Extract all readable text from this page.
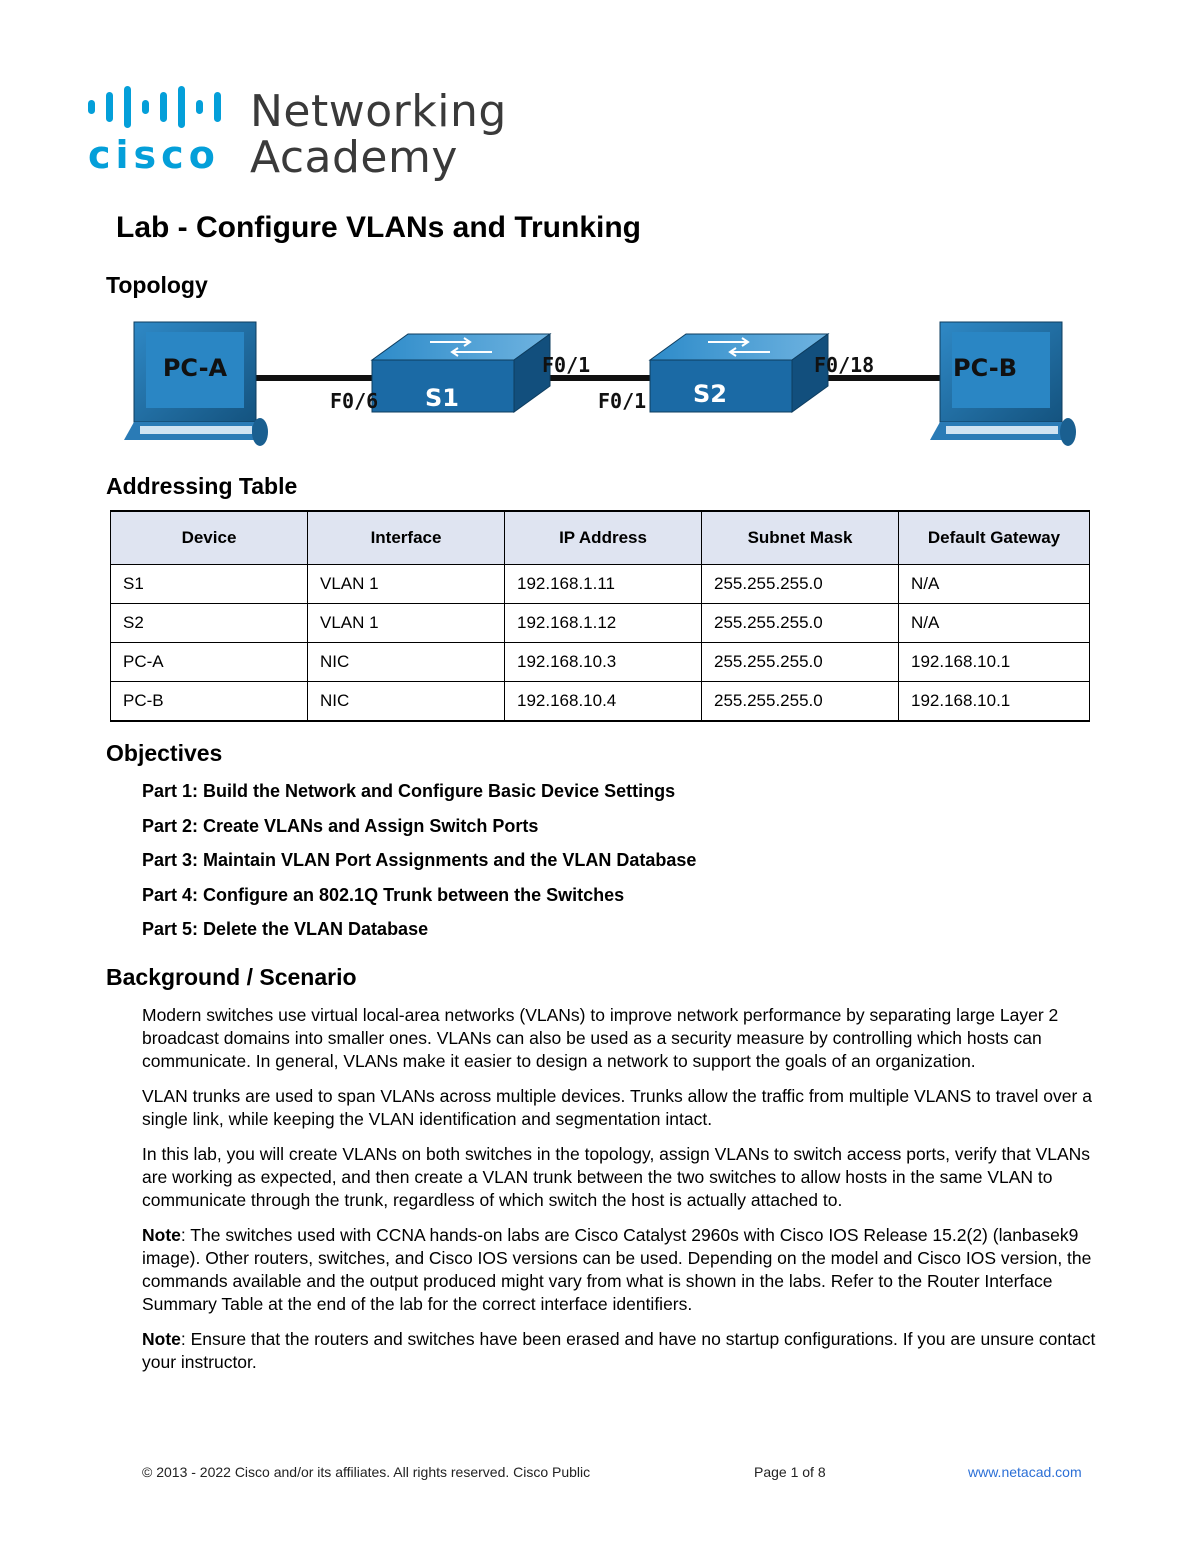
cisco
Networking
Academy
Lab - Configure VLANs and Trunking
Topology
PC-A
S1	S2
PC-B
F0/6
F0/1
F0/1
F0/18
Addressing Table
Device	Interface	IP Address	Subnet Mask	Default Gateway
S1	VLAN 1	192.168.1.11	255.255.255.0	N/A
S2	VLAN 1	192.168.1.12	255.255.255.0	N/A
PC-A	NIC	192.168.10.3	255.255.255.0	192.168.10.1
PC-B	NIC	192.168.10.4	255.255.255.0	192.168.10.1
Objectives
Part 1: Build the Network and Configure Basic Device Settings
Part 2: Create VLANs and Assign Switch Ports
Part 3: Maintain VLAN Port Assignments and the VLAN Database
Part 4: Configure an 802.1Q Trunk between the Switches
Part 5: Delete the VLAN Database
Background / Scenario

Modern switches use virtual local-area networks (VLANs) to improve network performance by separating large Layer 2 broadcast domains into smaller ones. VLANs can also be used as a security measure by controlling which hosts can communicate. In general, VLANs make it easier to design a network to support the goals of an organization.

VLAN trunks are used to span VLANs across multiple devices. Trunks allow the traffic from multiple VLANS to travel over a single link, while keeping the VLAN identification and segmentation intact.

In this lab, you will create VLANs on both switches in the topology, assign VLANs to switch access ports, verify that VLANs are working as expected, and then create a VLAN trunk between the two switches to allow hosts in the same VLAN to communicate through the trunk, regardless of which switch the host is actually attached to.

Note: The switches used with CCNA hands-on labs are Cisco Catalyst 2960s with Cisco IOS Release 15.2(2) (lanbasek9 image). Other routers, switches, and Cisco IOS versions can be used. Depending on the model and Cisco IOS version, the commands available and the output produced might vary from what is shown in the labs. Refer to the Router Interface Summary Table at the end of the lab for the correct interface identifiers.

Note: Ensure that the routers and switches have been erased and have no startup configurations. If you are unsure contact your instructor.

© 2013 - 2022 Cisco and/or its affiliates. All rights reserved. Cisco Public	Page 1 of 8	www.netacad.com
